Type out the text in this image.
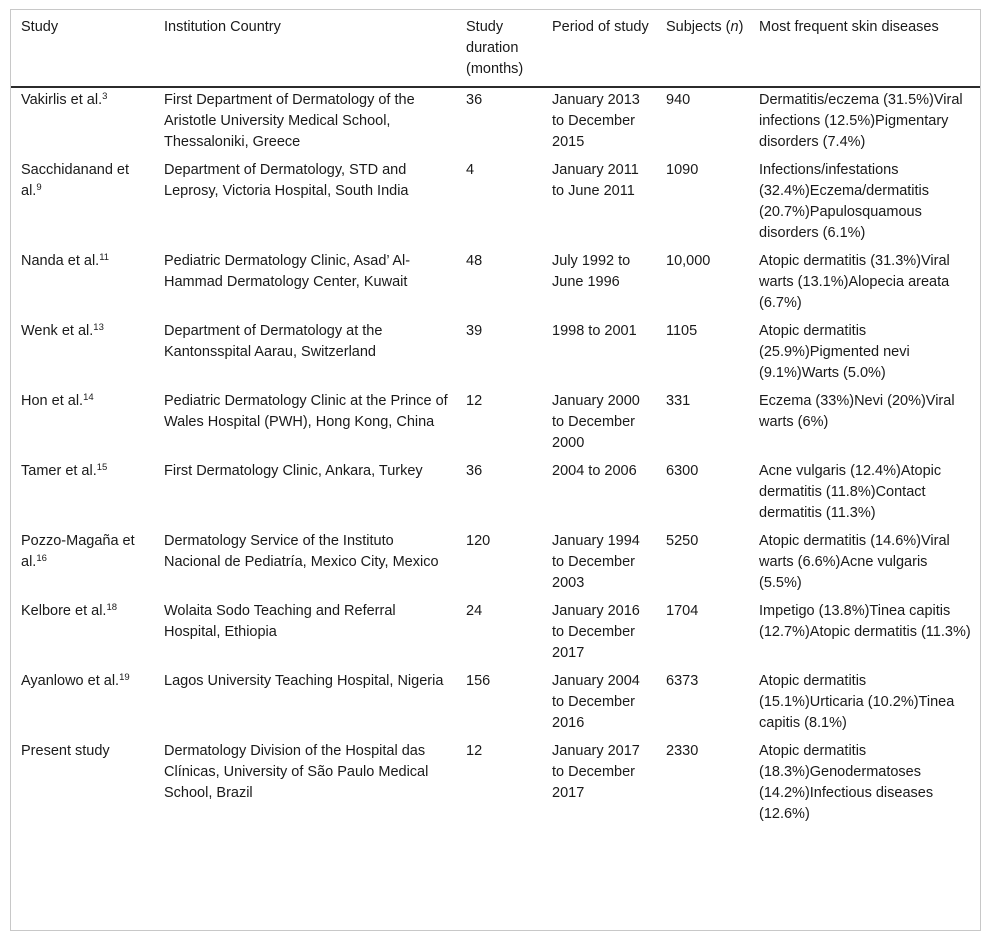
Study	Institution Country	Study duration (months)	Period of study	Subjects (n)	Most frequent skin diseases
Vakirlis et al.$^3$	First Department of Dermatology of the Aristotle University Medical School, Thessaloniki, Greece	36	January 2013 to December 2015	940	Dermatitis/eczema (31.5%)Viral infections (12.5%)Pigmentary disorders (7.4%)
Sacchidanand et al.$^9$	Department of Dermatology, STD and Leprosy, Victoria Hospital, South India	4	January 2011 to June 2011	1090	Infections/infestations (32.4%)Eczema/dermatitis (20.7%)Papulosquamous disorders (6.1%)
Nanda et al.$^{11}$	Pediatric Dermatology Clinic, Asad’ Al-Hammad Dermatology Center, Kuwait	48	July 1992 to June 1996	10,000	Atopic dermatitis (31.3%)Viral warts (13.1%)Alopecia areata (6.7%)
Wenk et al.$^{13}$	Department of Dermatology at the Kantonsspital Aarau, Switzerland	39	1998 to 2001	1105	Atopic dermatitis (25.9%)Pigmented nevi (9.1%)Warts (5.0%)
Hon et al.$^{14}$	Pediatric Dermatology Clinic at the Prince of Wales Hospital (PWH), Hong Kong, China	12	January 2000 to December 2000	331	Eczema (33%)Nevi (20%)Viral warts (6%)
Tamer et al.$^{15}$	First Dermatology Clinic, Ankara, Turkey	36	2004 to 2006	6300	Acne vulgaris (12.4%)Atopic dermatitis (11.8%)Contact dermatitis (11.3%)
Pozzo-Magaña et al.$^{16}$	Dermatology Service of the Instituto Nacional de Pediatría, Mexico City, Mexico	120	January 1994 to December 2003	5250	Atopic dermatitis (14.6%)Viral warts (6.6%)Acne vulgaris (5.5%)
Kelbore et al.$^{18}$	Wolaita Sodo Teaching and Referral Hospital, Ethiopia	24	January 2016 to December 2017	1704	Impetigo (13.8%)Tinea capitis (12.7%)Atopic dermatitis (11.3%)
Ayanlowo et al.$^{19}$	Lagos University Teaching Hospital, Nigeria	156	January 2004 to December 2016	6373	Atopic dermatitis (15.1%)Urticaria (10.2%)Tinea capitis (8.1%)
Present study	Dermatology Division of the Hospital das Clínicas, University of São Paulo Medical School, Brazil	12	January 2017 to December 2017	2330	Atopic dermatitis (18.3%)Genodermatoses (14.2%)Infectious diseases (12.6%)
